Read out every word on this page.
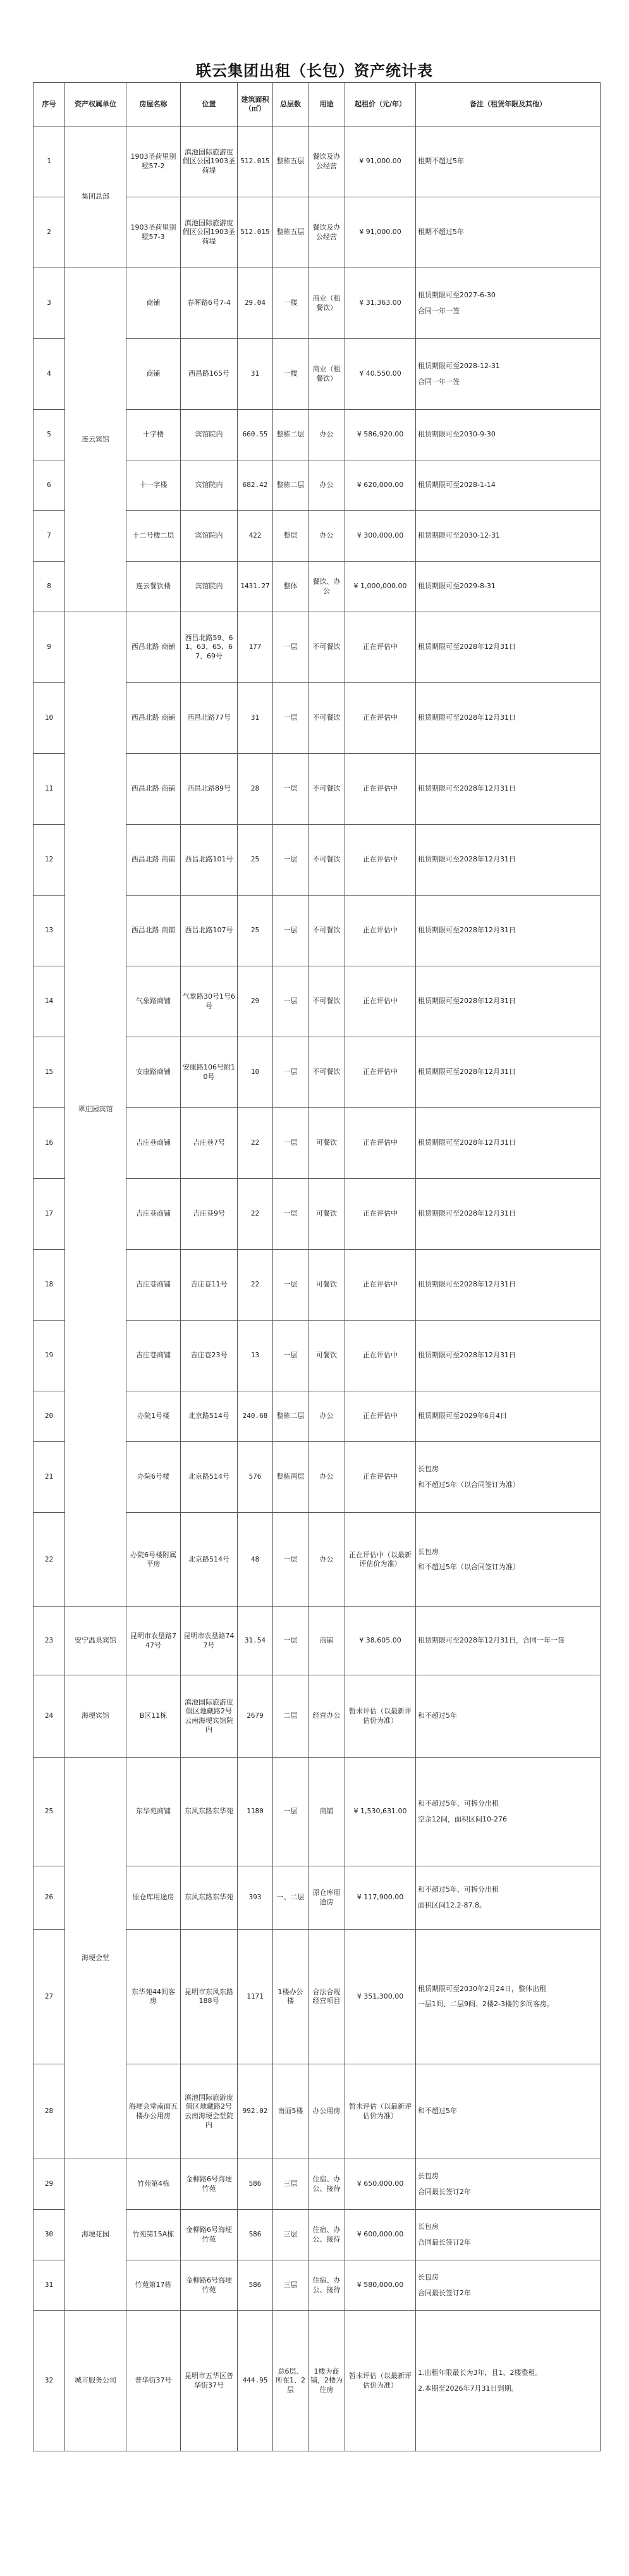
联云集团出租（长包）资产统计表
序号	资产权属单位	房屋名称	位置	建筑面积（㎡）	总层数	用途	起租价（元/年）	备注（租赁年限及其他）
1	集团总部	1903圣荷里别墅57-2	滇池国际旅游度假区公园1903圣荷堤	512.015	整栋五层	餐饮及办公经营	¥ 91,000.00	租期不超过5年

2		1903圣荷里别墅57-3	滇池国际旅游度假区公园1903圣荷堤	512.015	整栋五层	餐饮及办公经营	¥ 91,000.00	租期不超过5年

3	连云宾馆	商铺	春晖路6号7-4	29.04	一楼	商业（租餐饮）	¥ 31,363.00	租赁期限可至2027-6-30
合同一年一签

4		商铺	西昌路165号	31	一楼	商业（租餐饮）	¥ 40,550.00	租赁期限可至2028-12-31
合同一年一签

5		十字楼	宾馆院内	660.55	整栋二层	办公	¥ 586,920.00	租赁期限可至2030-9-30

6		十一字楼	宾馆院内	682.42	整栋二层	办公	¥ 620,000.00	租赁期限可至2028-1-14

7		十二号楼二层	宾馆院内	422	整层	办公	¥ 300,000.00	租赁期限可至2030-12-31

8		连云餐饮楼	宾馆院内	1431.27	整体	餐饮、办公	¥ 1,000,000.00	租赁期限可至2029-8-31

9	翠庄园宾馆	西昌北路 商铺	西昌北路59、61、63、65、67、69号	177	一层	不可餐饮	正在评估中	租赁期限可至2028年12月31日

10		西昌北路 商铺	西昌北路77号	31	一层	不可餐饮	正在评估中	租赁期限可至2028年12月31日

11		西昌北路 商铺	西昌北路89号	28	一层	不可餐饮	正在评估中	租赁期限可至2028年12月31日

12		西昌北路 商铺	西昌北路101号	25	一层	不可餐饮	正在评估中	租赁期限可至2028年12月31日

13		西昌北路 商铺	西昌北路107号	25	一层	不可餐饮	正在评估中	租赁期限可至2028年12月31日

14		气象路商铺	气象路30号1号6号	29	一层	不可餐饮	正在评估中	租赁期限可至2028年12月31日

15		安康路商铺	安康路106号附10号	10	一层	不可餐饮	正在评估中	租赁期限可至2028年12月31日

16		吉庄巷商铺	吉庄巷7号	22	一层	可餐饮	正在评估中	租赁期限可至2028年12月31日

17		吉庄巷商铺	吉庄巷9号	22	一层	可餐饮	正在评估中	租赁期限可至2028年12月31日

18		吉庄巷商铺	吉庄巷11号	22	一层	可餐饮	正在评估中	租赁期限可至2028年12月31日

19		吉庄巷商铺	吉庄巷23号	13	一层	可餐饮	正在评估中	租赁期限可至2028年12月31日

20		办院1号楼	北京路514号	240.68	整栋二层	办公	正在评估中	租赁期限可至2029年6月4日

21		办院6号楼	北京路514号	576	整栋两层	办公	正在评估中	长包房
和不超过5年（以合同签订为准）

22		办院6号楼附属平房	北京路514号	48	一层	办公	正在评估中（以最新评估价为准）	长包房
和不超过5年（以合同签订为准）

23	安宁温泉宾馆	昆明市农垦路747号	昆明市农垦路747号	31.54	一层	商铺	¥ 38,605.00	租赁期限可至2028年12月31日，合同一年一签

24	海埂宾馆	B区11栋	滇池国际旅游度假区地藏路2号云南海埂宾馆院内	2679	二层	经营办公	暂未评估（以最新评估价为准）	和不超过5年

25	海埂会堂	东华苑商铺	东风东路东华苑	1180	一层	商铺	¥ 1,530,631.00	和不超过5年，可拆分出租
空余12间，面积区间10-276

26		原仓库用途房	东风东路东华苑	393	一、二层	原仓库用途房	¥ 117,900.00	和不超过5年，可拆分出租
面积区间12.2-87.8。

27		东华苑44间客房	昆明市东风东路188号	1171	1楼办公楼	合法合规经营项目	¥ 351,300.00	租赁期限可至2030年2月24日，整体出租
一层1间、二层9间、2楼2-3楼的多间客房。

28		海埂会堂南面五楼办公用房	滇池国际旅游度假区地藏路2号云南海埂会堂院内	992.02	南面5楼	办公用房	暂未评估（以最新评估价为准）	和不超过5年

29	海埂花园	竹苑第4栋	金柳路6号海埂竹苑	586	三层	住宿、办公、接待	¥ 650,000.00	长包房
合同最长签订2年

30		竹苑第15A栋	金柳路6号海埂竹苑	586	三层	住宿、办公、接待	¥ 600,000.00	长包房
合同最长签订2年

31		竹苑第17栋	金柳路6号海埂竹苑	586	三层	住宿、办公、接待	¥ 580,000.00	长包房
合同最长签订2年

32	城市服务公司	普华街37号	昆明市五华区普华街37号	444.95	总6层、所在1、2层	1楼为商铺，2楼为住房	暂未评估（以最新评估价为准）	1.出租年限最长为3年，且1、2楼整租。
2.本期至2026年7月31日到期。
